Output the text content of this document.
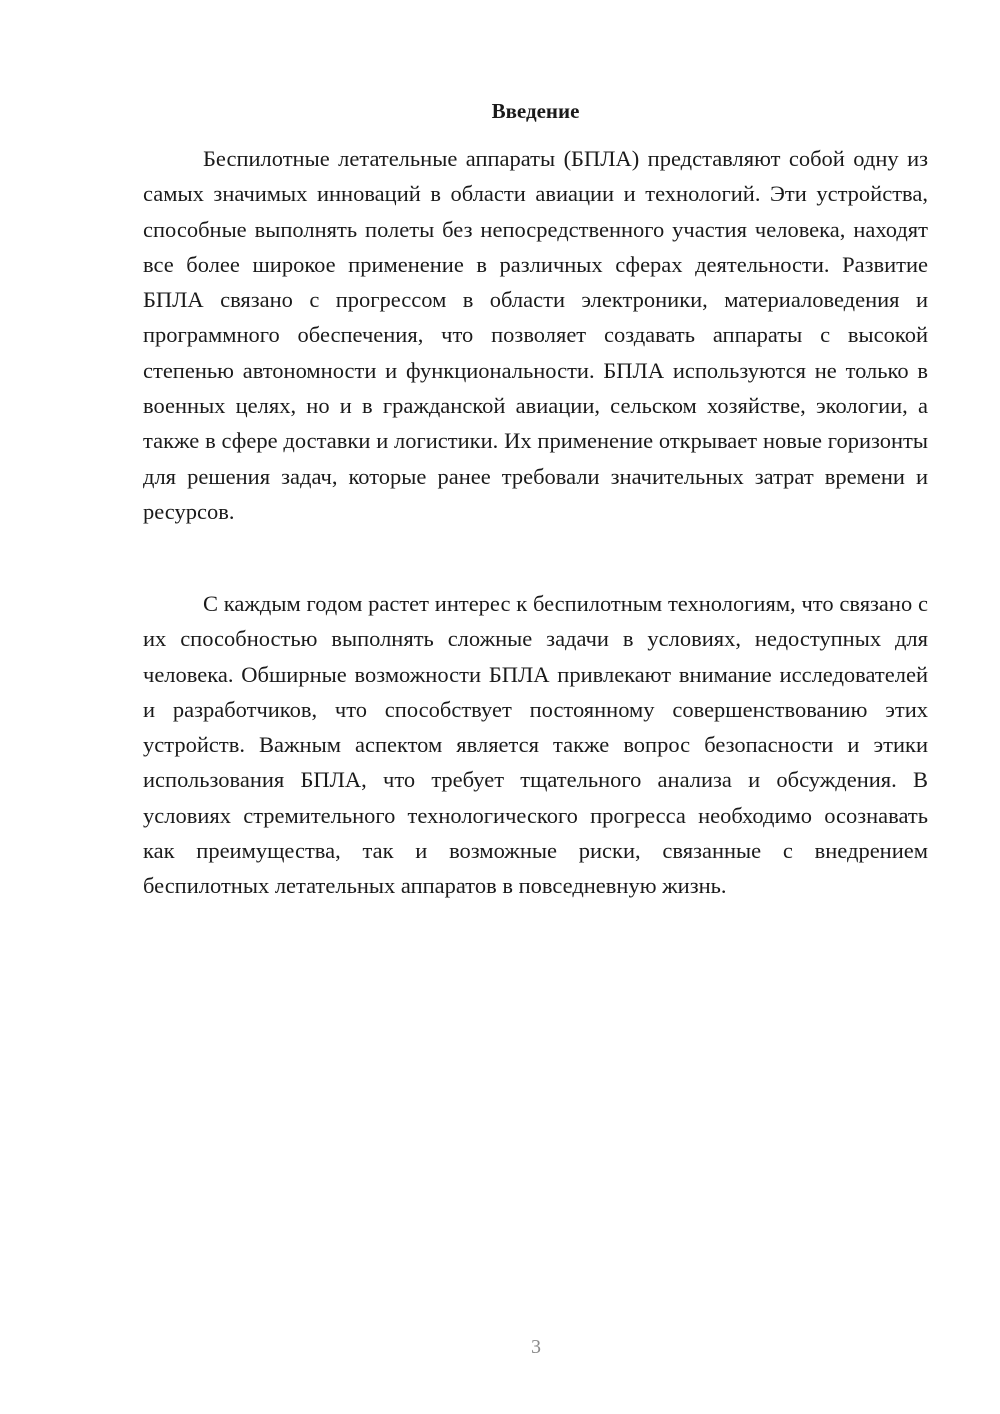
Введение

Беспилотные летательные аппараты (БПЛА) представляют собой одну из самых значимых инноваций в области авиации и технологий. Эти устройства, способные выполнять полеты без непосредственного участия человека, находят все более широкое применение в различных сферах деятельности. Развитие БПЛА связано с прогрессом в области электроники, материаловедения и программного обеспечения, что позволяет создавать аппараты с высокой степенью автономности и функциональности. БПЛА используются не только в военных целях, но и в гражданской авиации, сельском хозяйстве, экологии, а также в сфере доставки и логистики. Их применение открывает новые горизонты для решения задач, которые ранее требовали значительных затрат времени и ресурсов.

С каждым годом растет интерес к беспилотным технологиям, что связано с их способностью выполнять сложные задачи в условиях, недоступных для человека. Обширные возможности БПЛА привлекают внимание исследователей и разработчиков, что способствует постоянному совершенствованию этих устройств. Важным аспектом является также вопрос безопасности и этики использования БПЛА, что требует тщательного анализа и обсуждения. В условиях стремительного технологического прогресса необходимо осознавать как преимущества, так и возможные риски, связанные с внедрением беспилотных летательных аппаратов в повседневную жизнь.

3
